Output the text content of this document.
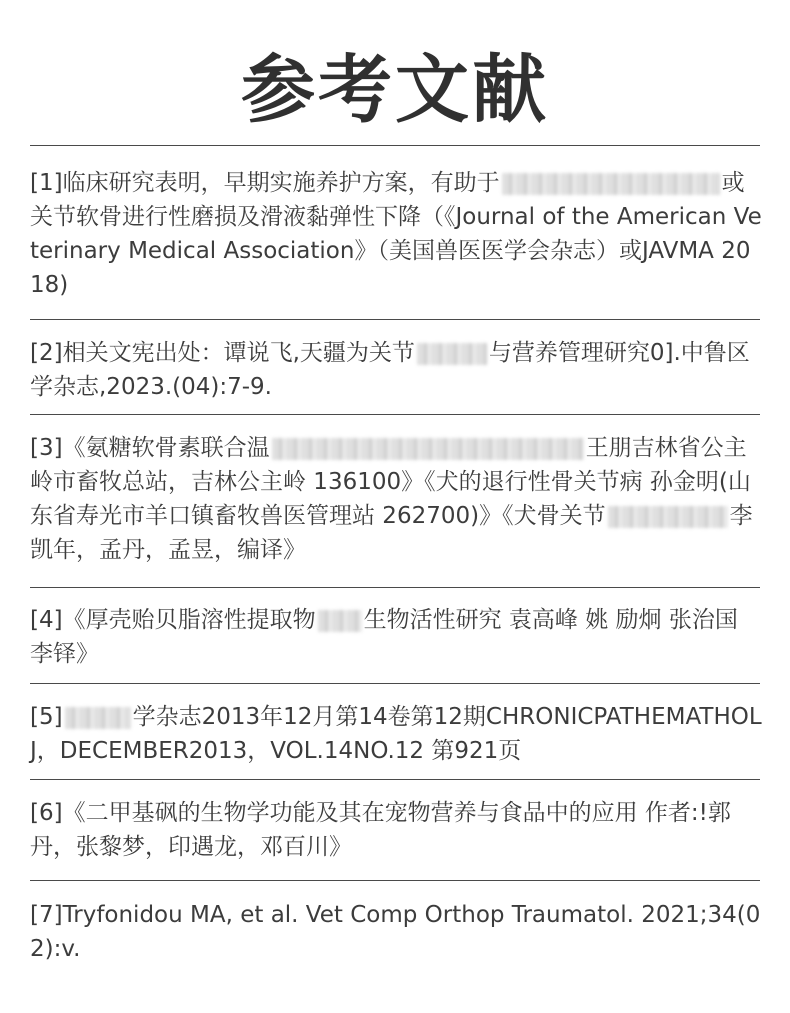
参考文献
[1]临床研究表明，早期实施养护方案，有助于	或关节软骨进行性磨损及滑液黏弹性下降（《Journal of the American Veterinary Medical Association》（美国兽医医学会杂志）或JAVMA 2018)
[2]相关文宪出处：谭说飞,天疆为关节	与营养管理研究0].中鲁区学杂志,2023.(04):7-9.
[3]《氨糖软骨素联合温	王朋吉林省公主岭市畜牧总站，吉林公主岭 136100》《犬的退行性骨关节病 孙金明(山东省寿光市羊口镇畜牧兽医管理站 262700)》《犬骨关节	李凯年，孟丹，孟昱，编译》
[4]《厚壳贻贝脂溶性提取物 生物活性研究 袁高峰 姚 励炯 张治国 李铎》
[5]	学杂志2013年12月第14卷第12期CHRONICPATHEMATHOLJ，DECEMBER2013，VOL.14NO.12 第921页
[6]《二甲基砜的生物学功能及其在宠物营养与食品中的应用 作者:!郭丹，张黎梦，印遇龙，邓百川》
[7]Tryfonidou MA, et al. Vet Comp Orthop Traumatol. 2021;34(02):v.
